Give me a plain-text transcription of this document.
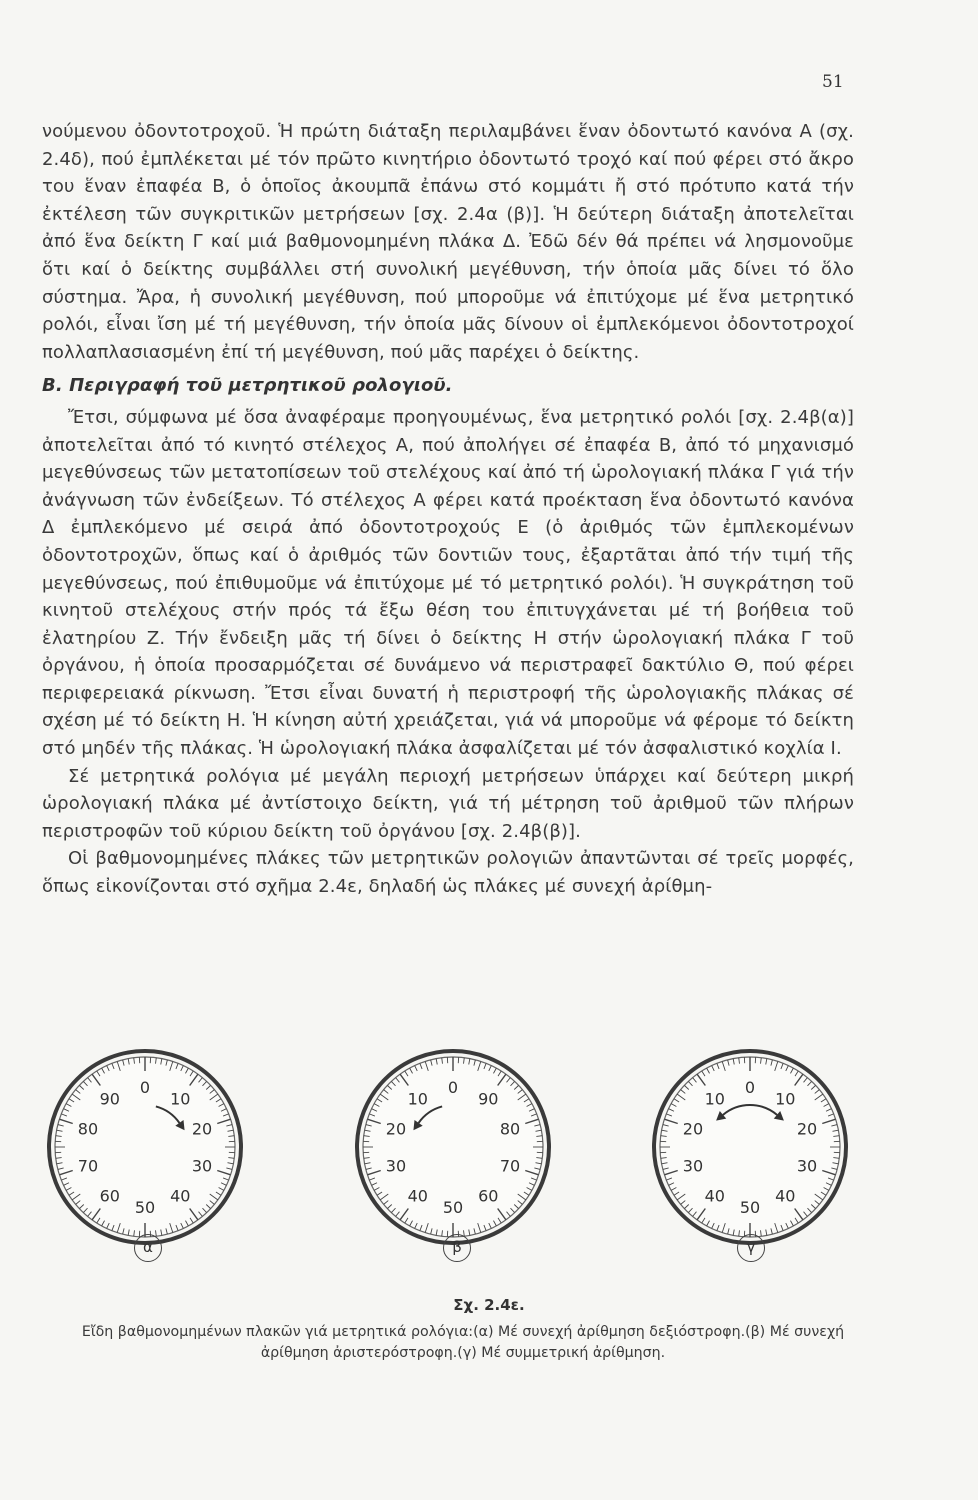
51

νούμενου ὀδοντοτροχοῦ. Ἡ πρώτη διάταξη περιλαμβάνει ἕναν ὀδοντωτό κανόνα Α (σχ. 2.4δ), πού ἐμπλέκεται μέ τόν πρῶτο κινητήριο ὀδοντωτό τροχό καί πού φέρει στό ἄκρο του ἕναν ἐπαφέα Β, ὁ ὁποῖος ἀκουμπᾶ ἐπάνω στό κομμάτι ἤ στό πρότυπο κατά τήν ἐκτέλεση τῶν συγκριτικῶν μετρήσεων [σχ. 2.4α (β)]. Ἡ δεύτερη διάταξη ἀποτελεῖται ἀπό ἕνα δείκτη Γ καί μιά βαθμονομημένη πλάκα Δ. Ἐδῶ δέν θά πρέπει νά λησμονοῦμε ὅτι καί ὁ δείκτης συμβάλλει στή συνολική μεγέθυνση, τήν ὁποία μᾶς δίνει τό ὅλο σύστημα. Ἄρα, ἡ συνολική μεγέθυνση, πού μποροῦμε νά ἐπιτύχομε μέ ἕνα μετρητικό ρολόι, εἶναι ἴση μέ τή μεγέθυνση, τήν ὁποία μᾶς δίνουν οἱ ἐμπλεκόμενοι ὀδοντοτροχοί πολλαπλασιασμένη ἐπί τή μεγέθυνση, πού μᾶς παρέχει ὁ δείκτης.

Β. Περιγραφή τοῦ μετρητικοῦ ρολογιοῦ.

Ἔτσι, σύμφωνα μέ ὅσα ἀναφέραμε προηγουμένως, ἕνα μετρητικό ρολόι [σχ. 2.4β(α)] ἀποτελεῖται ἀπό τό κινητό στέλεχος Α, πού ἀπολήγει σέ ἐπαφέα Β, ἀπό τό μηχανισμό μεγεθύνσεως τῶν μετατοπίσεων τοῦ στελέχους καί ἀπό τή ὡρολογιακή πλάκα Γ γιά τήν ἀνάγνωση τῶν ἐνδείξεων. Τό στέλεχος Α φέρει κατά προέκταση ἕνα ὀδοντωτό κανόνα Δ ἐμπλεκόμενο μέ σειρά ἀπό ὀδοντοτροχούς Ε (ὁ ἀριθμός τῶν ἐμπλεκομένων ὀδοντοτροχῶν, ὅπως καί ὁ ἀριθμός τῶν δοντιῶν τους, ἐξαρτᾶται ἀπό τήν τιμή τῆς μεγεθύνσεως, πού ἐπιθυμοῦμε νά ἐπιτύχομε μέ τό μετρητικό ρολόι). Ἡ συγκράτηση τοῦ κινητοῦ στελέχους στήν πρός τά ἔξω θέση του ἐπιτυγχάνεται μέ τή βοήθεια τοῦ ἐλατηρίου Ζ. Τήν ἔνδειξη μᾶς τή δίνει ὁ δείκτης Η στήν ὡρολογιακή πλάκα Γ τοῦ ὀργάνου, ἡ ὁποία προσαρμόζεται σέ δυνάμενο νά περιστραφεῖ δακτύλιο Θ, πού φέρει περιφερειακά ρίκνωση. Ἔτσι εἶναι δυνατή ἡ περιστροφή τῆς ὡρολογιακῆς πλάκας σέ σχέση μέ τό δείκτη Η. Ἡ κίνηση αὐτή χρειάζεται, γιά νά μποροῦμε νά φέρομε τό δείκτη στό μηδέν τῆς πλάκας. Ἡ ὡρολογιακή πλάκα ἀσφαλίζεται μέ τόν ἀσφαλιστικό κοχλία Ι.

Σέ μετρητικά ρολόγια μέ μεγάλη περιοχή μετρήσεων ὑπάρχει καί δεύτερη μικρή ὡρολογιακή πλάκα μέ ἀντίστοιχο δείκτη, γιά τή μέτρηση τοῦ ἀριθμοῦ τῶν πλήρων περιστροφῶν τοῦ κύριου δείκτη τοῦ ὀργάνου [σχ. 2.4β(β)].

Οἱ βαθμονομημένες πλάκες τῶν μετρητικῶν ρολογιῶν ἀπαντῶνται σέ τρεῖς μορφές, ὅπως εἰκονίζονται στό σχῆμα 2.4ε, δηλαδή ὡς πλάκες μέ συνεχή ἀρίθμη-

0
10
20
30
40
50
60
70
80
90
0
90
80
70
60
50
40
30
20
10
0
10
20
30
40
50
40
30
20
10
α	β	γ
Σχ. 2.4ε.
Εἴδη βαθμονομημένων πλακῶν γιά μετρητικά ρολόγια:(α) Μέ συνεχή ἀρίθμηση δεξιόστροφη.(β) Μέ συνεχή ἀρίθμηση ἀριστερόστροφη.(γ) Μέ συμμετρική ἀρίθμηση.
